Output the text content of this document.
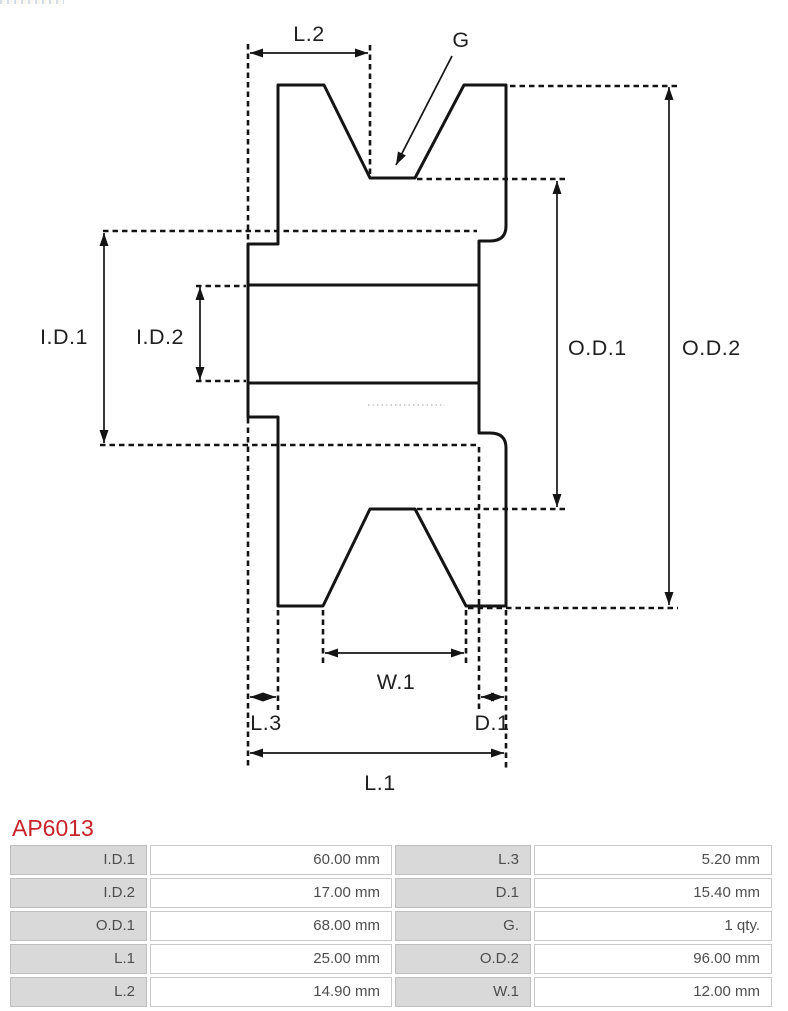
L.2	G
I.D.1 I.D.2	O.D.1	O.D.2
W.1
L.3	D.1
L.1
AP6013
I.D.1	60.00 mm	L.3	5.20 mm
I.D.2	17.00 mm	D.1	15.40 mm
O.D.1	68.00 mm	G.	1 qty.
L.1	25.00 mm	O.D.2	96.00 mm
L.2	14.90 mm	W.1	12.00 mm
